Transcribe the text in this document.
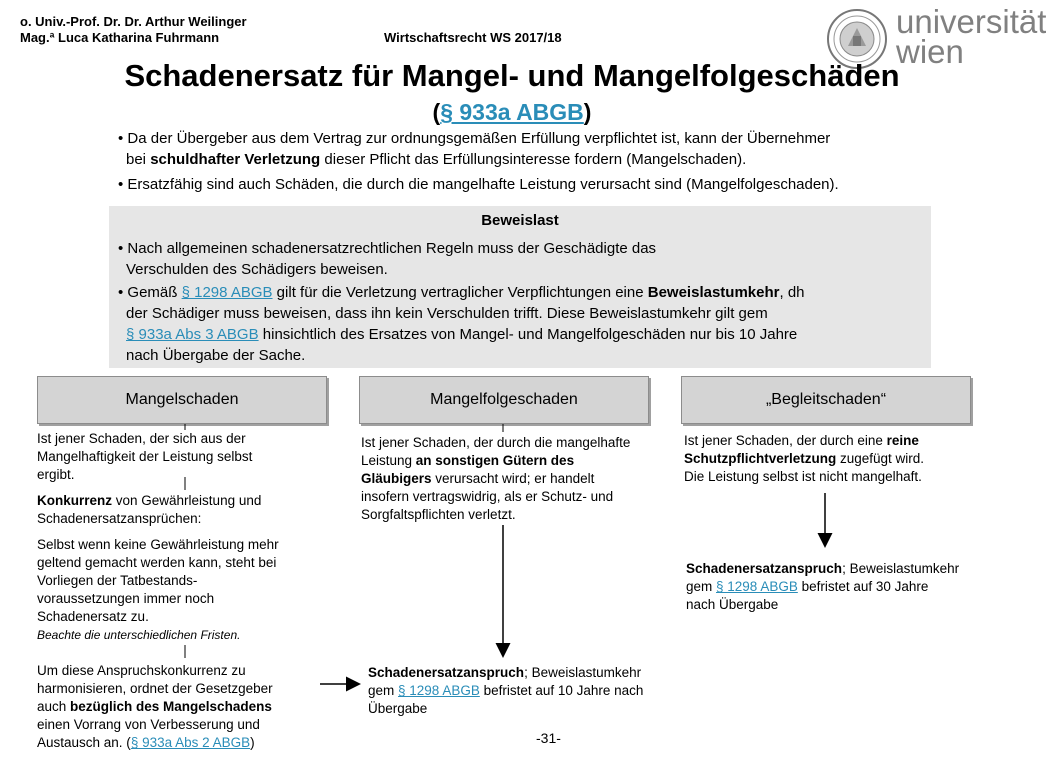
o. Univ.-Prof. Dr. Dr. Arthur Weilinger
Mag.ª Luca Katharina Fuhrmann	Wirtschaftsrecht WS 2017/18	universität
wien
Schadenersatz für Mangel- und Mangelfolgeschäden
(§ 933a ABGB)
• Da der Übergeber aus dem Vertrag zur ordnungsgemäßen Erfüllung verpflichtet ist, kann der Übernehmer
bei schuldhafter Verletzung dieser Pflicht das Erfüllungsinteresse fordern (Mangelschaden).
• Ersatzfähig sind auch Schäden, die durch die mangelhafte Leistung verursacht sind (Mangelfolgeschaden).
Beweislast
• Nach allgemeinen schadenersatzrechtlichen Regeln muss der Geschädigte das
Verschulden des Schädigers beweisen.
• Gemäß § 1298 ABGB gilt für die Verletzung vertraglicher Verpflichtungen eine Beweislastumkehr, dh
der Schädiger muss beweisen, dass ihn kein Verschulden trifft. Diese Beweislastumkehr gilt gem
§ 933a Abs 3 ABGB hinsichtlich des Ersatzes von Mangel- und Mangelfolgeschäden nur bis 10 Jahre
nach Übergabe der Sache.
Mangelschaden	Mangelfolgeschaden	„Begleitschaden“
Ist jener Schaden, der sich aus der
Mangelhaftigkeit der Leistung selbst
ergibt.
Konkurrenz von Gewährleistung und
Schadenersatzansprüchen:
Selbst wenn keine Gewährleistung mehr
geltend gemacht werden kann, steht bei
Vorliegen der Tatbestands-
voraussetzungen immer noch
Schadenersatz zu.
Beachte die unterschiedlichen Fristen.
Um diese Anspruchskonkurrenz zu
harmonisieren, ordnet der Gesetzgeber
auch bezüglich des Mangelschadens
einen Vorrang von Verbesserung und
Austausch an. (§ 933a Abs 2 ABGB)
Ist jener Schaden, der durch die mangelhafte
Leistung an sonstigen Gütern des
Gläubigers verursacht wird; er handelt
insofern vertragswidrig, als er Schutz- und
Sorgfaltspflichten verletzt.
Schadenersatzanspruch; Beweislastumkehr
gem § 1298 ABGB befristet auf 10 Jahre nach
Übergabe
Ist jener Schaden, der durch eine reine
Schutzpflichtverletzung zugefügt wird.
Die Leistung selbst ist nicht mangelhaft.
Schadenersatzanspruch; Beweislastumkehr
gem § 1298 ABGB befristet auf 30 Jahre
nach Übergabe
-31-
